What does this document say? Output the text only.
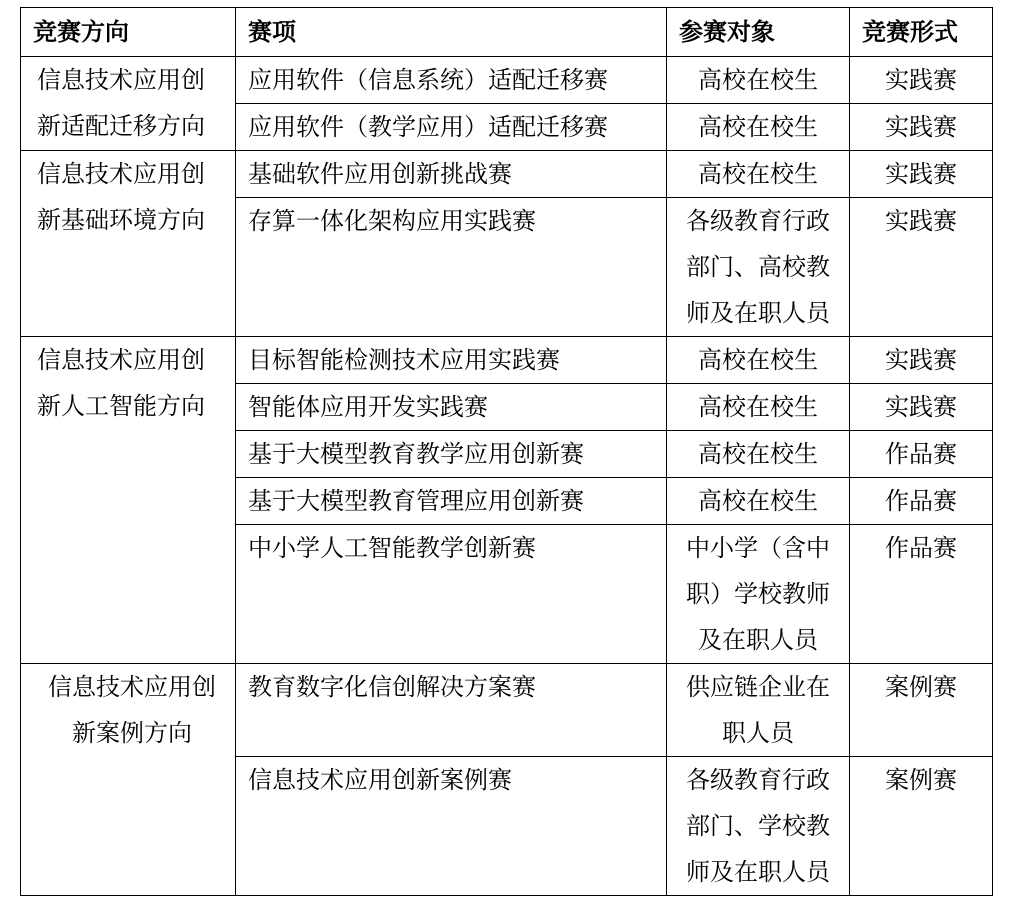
竞赛方向	赛项	参赛对象	竞赛形式
信息技术应用创新适配迁移方向	应用软件（信息系统）适配迁移赛	高校在校生	实践赛
	应用软件（教学应用）适配迁移赛	高校在校生	实践赛
信息技术应用创新基础环境方向	基础软件应用创新挑战赛	高校在校生	实践赛
	存算一体化架构应用实践赛	各级教育行政部门、高校教师及在职人员	实践赛
信息技术应用创新人工智能方向	目标智能检测技术应用实践赛	高校在校生	实践赛
	智能体应用开发实践赛	高校在校生	实践赛
	基于大模型教育教学应用创新赛	高校在校生	作品赛
	基于大模型教育管理应用创新赛	高校在校生	作品赛
	中小学人工智能教学创新赛	中小学（含中职）学校教师及在职人员	作品赛
信息技术应用创新案例方向	教育数字化信创解决方案赛	供应链企业在职人员	案例赛
	信息技术应用创新案例赛	各级教育行政部门、学校教师及在职人员	案例赛
